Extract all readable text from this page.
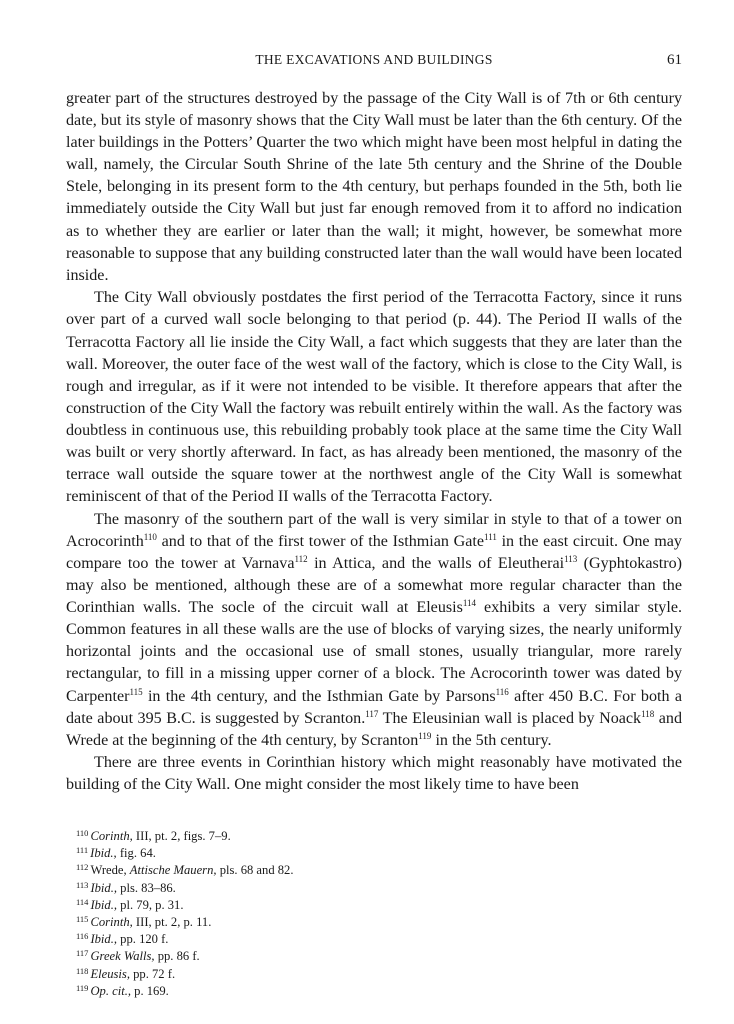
THE EXCAVATIONS AND BUILDINGS	61

greater part of the structures destroyed by the passage of the City Wall is of 7th or 6th century date, but its style of masonry shows that the City Wall must be later than the 6th century. Of the later buildings in the Potters’ Quarter the two which might have been most helpful in dating the wall, namely, the Circular South Shrine of the late 5th century and the Shrine of the Double Stele, belonging in its present form to the 4th century, but perhaps founded in the 5th, both lie immediately outside the City Wall but just far enough removed from it to afford no indication as to whether they are earlier or later than the wall; it might, however, be somewhat more reasonable to suppose that any building constructed later than the wall would have been located inside.

The City Wall obviously postdates the first period of the Terracotta Factory, since it runs over part of a curved wall socle belonging to that period (p. 44). The Period II walls of the Terracotta Factory all lie inside the City Wall, a fact which suggests that they are later than the wall. Moreover, the outer face of the west wall of the factory, which is close to the City Wall, is rough and irregular, as if it were not intended to be visible. It therefore appears that after the construction of the City Wall the factory was rebuilt entirely within the wall. As the factory was doubtless in continuous use, this rebuilding probably took place at the same time the City Wall was built or very shortly afterward. In fact, as has already been mentioned, the masonry of the terrace wall outside the square tower at the northwest angle of the City Wall is somewhat reminiscent of that of the Period II walls of the Terracotta Factory.

The masonry of the southern part of the wall is very similar in style to that of a tower on Acrocorinth$^{110}$ and to that of the first tower of the Isthmian Gate$^{111}$ in the east circuit. One may compare too the tower at Varnava$^{112}$ in Attica, and the walls of Eleutherai$^{113}$ (Gyphtokastro) may also be mentioned, although these are of a somewhat more regular character than the Corinthian walls. The socle of the circuit wall at Eleusis$^{114}$ exhibits a very similar style. Common features in all these walls are the use of blocks of varying sizes, the nearly uniformly horizontal joints and the occasional use of small stones, usually triangular, more rarely rectangular, to fill in a missing upper corner of a block. The Acrocorinth tower was dated by Carpenter$^{115}$ in the 4th century, and the Isthmian Gate by Parsons$^{116}$ after 450 B.C. For both a date about 395 B.C. is suggested by Scranton.$^{117}$ The Eleusinian wall is placed by Noack$^{118}$ and Wrede at the beginning of the 4th century, by Scranton$^{119}$ in the 5th century.

There are three events in Corinthian history which might reasonably have motivated the building of the City Wall. One might consider the most likely time to have been

$^{110}$ Corinth, III, pt. 2, figs. 7–9.
$^{111}$ Ibid., fig. 64.
$^{112}$ Wrede, Attische Mauern, pls. 68 and 82.
$^{113}$ Ibid., pls. 83–86.
$^{114}$ Ibid., pl. 79, p. 31.
$^{115}$ Corinth, III, pt. 2, p. 11.
$^{116}$ Ibid., pp. 120 f.
$^{117}$ Greek Walls, pp. 86 f.
$^{118}$ Eleusis, pp. 72 f.
$^{119}$ Op. cit., p. 169.
